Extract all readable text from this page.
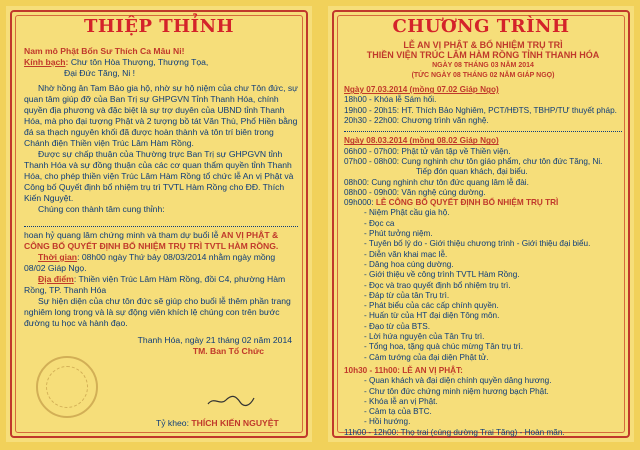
THIỆP THỈNH
Nam mô Phật Bổn Sư Thích Ca Mâu Ni!
Kính bạch: Chư tôn Hòa Thượng, Thượng Tọa,
Đại Đức Tăng, Ni !
Nhờ hồng ân Tam Bảo gia hộ, nhờ sự hộ niệm của chư Tôn đức, sự quan tâm giúp đỡ của Ban Trị sự GHPGVN Tỉnh Thanh Hóa, chính quyền địa phương và đặc biệt là sự trợ duyên của UBND tỉnh Thanh Hóa, mà pho đại tượng Phật và 2 tượng bồ tát Văn Thù, Phổ Hiền bằng đá sa thạch nguyên khối đã được hoàn thành và tôn trí biên trong Chánh điện Thiền viện Trúc Lâm Hàm Rồng.
Được sự chấp thuận của Thường trực Ban Trị sự GHPGVN tỉnh Thanh Hóa và sự đồng thuận của các cơ quan thẩm quyền tỉnh Thanh Hóa, cho phép thiền viện Trúc Lâm Hàm Rồng tổ chức lễ An vị Phật và Công bố Quyết định bổ nhiệm trụ trì TVTL Hàm Rồng cho ĐĐ. Thích Kiến Nguyệt.
Chúng con thành tâm cung thỉnh:
hoan hỷ quang lâm chứng minh và tham dự buổi lễ AN VỊ PHẬT & CÔNG BỐ QUYẾT ĐỊNH BỔ NHIỆM TRỤ TRÌ TVTL HÀM RỒNG.
Thời gian: 08h00 ngày Thứ bảy 08/03/2014 nhằm ngày mồng 08/02 Giáp Ngọ.
Địa điểm: Thiền viện Trúc Lâm Hàm Rồng, đồi C4, phường Hàm Rồng, TP. Thanh Hóa
Sự hiện diện của chư tôn đức sẽ giúp cho buổi lễ thêm phần trang nghiêm long trọng và là sự động viên khích lệ chúng con trên bước đường tu học và hành đạo.
Thanh Hóa, ngày 21 tháng 02 năm 2014
TM. Ban Tổ Chức
Tỷ kheo: THÍCH KIẾN NGUYỆT
CHƯƠNG TRÌNH
LỄ AN VỊ PHẬT & BỔ NHIỆM TRỤ TRÌ
THIỀN VIỆN TRÚC LÂM HÀM RỒNG TỈNH THANH HÓA
NGÀY 08 THÁNG 03 NĂM 2014
(TỨC NGÀY 08 THÁNG 02 NĂM GIÁP NGỌ)
Ngày 07.03.2014 (mồng 07.02 Giáp Ngọ)
18h00 - Khóa lễ Sám hối.
19h00 - 20h15: HT. Thích Bảo Nghiêm, PCT/HĐTS, TBHP/TƯ thuyết pháp.
20h30 - 22h00: Chương trình văn nghệ.
Ngày 08.03.2014 (mồng 08.02 Giáp Ngọ)
06h00 - 07h00: Phật tử vân tập về Thiền viện.
07h00 - 08h00: Cung nghinh chư tôn giáo phẩm, chư tôn đức Tăng, Ni.
Tiếp đón quan khách, đại biểu.
08h00: Cung nghinh chư tôn đức quang lâm lễ đài.
08h00 - 09h00: Văn nghệ cúng dường.
09h000: LỄ CÔNG BỐ QUYẾT ĐỊNH BỔ NHIỆM TRỤ TRÌ
- Niệm Phật cầu gia hộ.
- Đọc ca
- Phút tưởng niệm.
- Tuyên bố lý do - Giới thiệu chương trình - Giới thiệu đại biểu.
- Diễn văn khai mạc lễ.
- Dâng hoa cúng dường.
- Giới thiệu về công trình TVTL Hàm Rồng.
- Đọc và trao quyết định bổ nhiệm trụ trì.
- Đáp từ của tân Trụ trì.
- Phát biểu của các cấp chính quyền.
- Huấn từ của HT đại diện Tông môn.
- Đạo từ của BTS.
- Lời hứa nguyện của Tân Trụ trì.
- Tổng hoa, tặng quà chúc mừng Tân trụ trì.
- Cảm tướng của đại diện Phật tử.
10h30 - 11h00: LỄ AN VỊ PHẬT:
- Quan khách và đại diện chính quyền dâng hương.
- Chư tôn đức chứng minh niệm hương bạch Phật.
- Khóa lễ an vị Phật.
- Cảm tạ của BTC.
- Hồi hướng.
11h00 - 12h00: Thọ trai (cúng dường Trai Tăng) - Hoàn mãn.
